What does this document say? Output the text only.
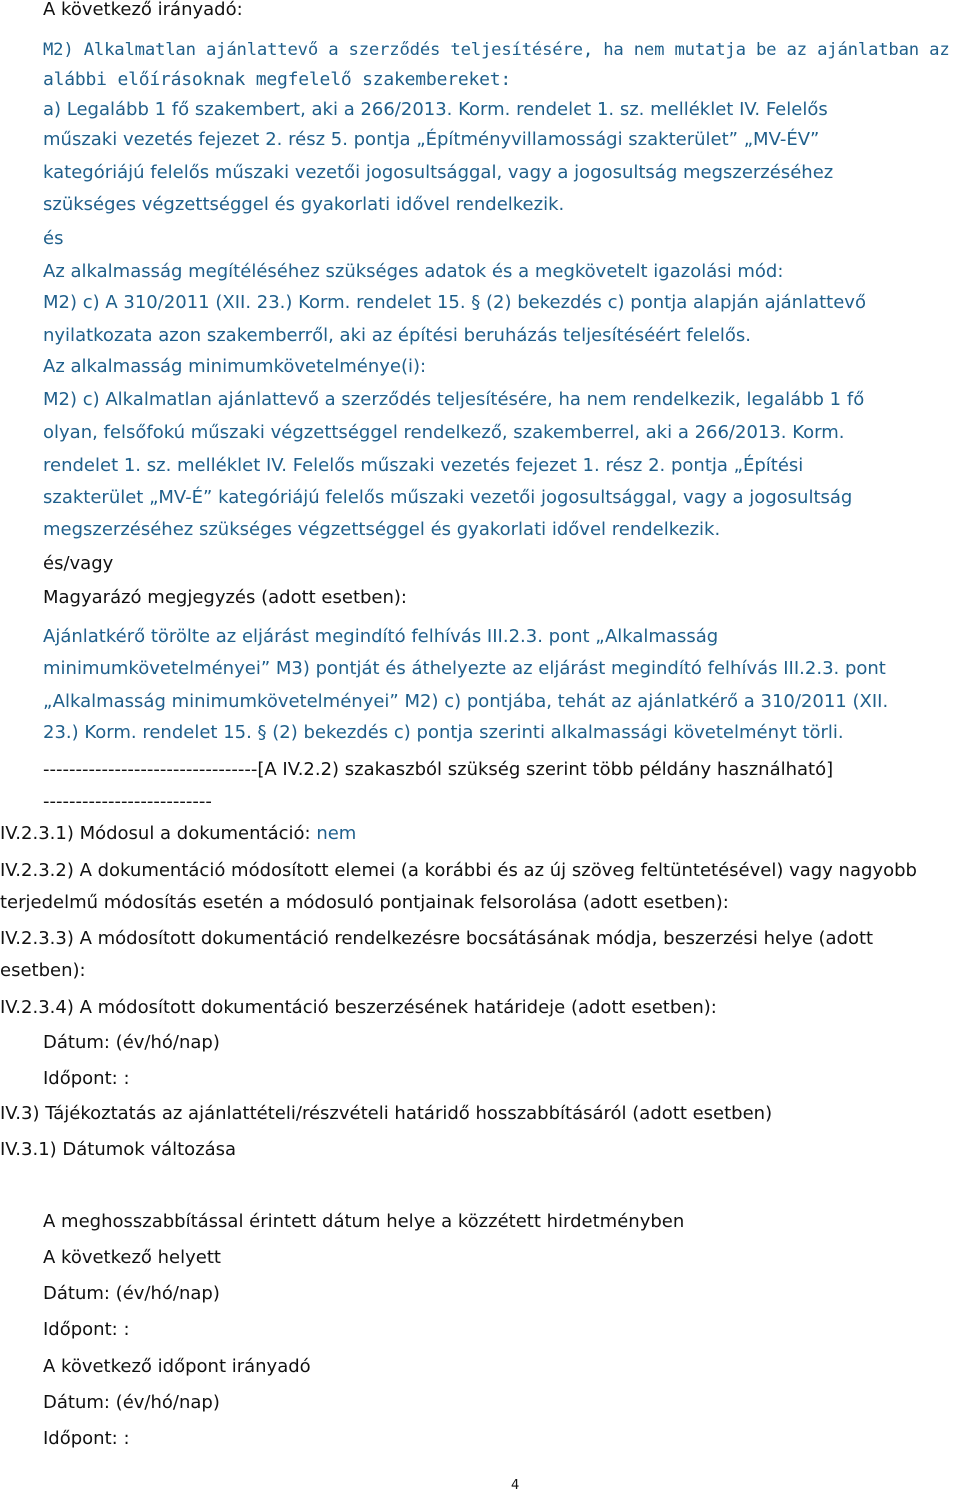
A következő irányadó:
M2) Alkalmatlan ajánlattevő a szerződés teljesítésére, ha nem mutatja be az ajánlatban az
alábbi előírásoknak megfelelő szakembereket:
a) Legalább 1 fő szakembert, aki a 266/2013. Korm. rendelet 1. sz. melléklet IV. Felelős
műszaki vezetés fejezet 2. rész 5. pontja „Építményvillamossági szakterület” „MV-ÉV”
kategóriájú felelős műszaki vezetői jogosultsággal, vagy a jogosultság megszerzéséhez
szükséges végzettséggel és gyakorlati idővel rendelkezik.
és
Az alkalmasság megítéléséhez szükséges adatok és a megkövetelt igazolási mód:
M2) c) A 310/2011 (XII. 23.) Korm. rendelet 15. § (2) bekezdés c) pontja alapján ajánlattevő
nyilatkozata azon szakemberről, aki az építési beruházás teljesítéséért felelős.
Az alkalmasság minimumkövetelménye(i):
M2) c) Alkalmatlan ajánlattevő a szerződés teljesítésére, ha nem rendelkezik, legalább 1 fő
olyan, felsőfokú műszaki végzettséggel rendelkező, szakemberrel, aki a 266/2013. Korm.
rendelet 1. sz. melléklet IV. Felelős műszaki vezetés fejezet 1. rész 2. pontja „Építési
szakterület „MV-É” kategóriájú felelős műszaki vezetői jogosultsággal, vagy a jogosultság
megszerzéséhez szükséges végzettséggel és gyakorlati idővel rendelkezik.
és/vagy
Magyarázó megjegyzés (adott esetben):
Ajánlatkérő törölte az eljárást megindító felhívás III.2.3. pont „Alkalmasság
minimumkövetelményei” M3) pontját és áthelyezte az eljárást megindító felhívás III.2.3. pont
„Alkalmasság minimumkövetelményei” M2) c) pontjába, tehát az ajánlatkérő a 310/2011 (XII.
23.) Korm. rendelet 15. § (2) bekezdés c) pontja szerinti alkalmassági követelményt törli.
---------------------------------[A IV.2.2) szakaszból szükség szerint több példány használható]
--------------------------
IV.2.3.1) Módosul a dokumentáció: nem
IV.2.3.2) A dokumentáció módosított elemei (a korábbi és az új szöveg feltüntetésével) vagy nagyobb
terjedelmű módosítás esetén a módosuló pontjainak felsorolása (adott esetben):
IV.2.3.3) A módosított dokumentáció rendelkezésre bocsátásának módja, beszerzési helye (adott
esetben):
IV.2.3.4) A módosított dokumentáció beszerzésének határideje (adott esetben):
Dátum: (év/hó/nap)
Időpont: :
IV.3) Tájékoztatás az ajánlattételi/részvételi határidő hosszabbításáról (adott esetben)
IV.3.1) Dátumok változása
A meghosszabbítással érintett dátum helye a közzétett hirdetményben
A következő helyett
Dátum: (év/hó/nap)
Időpont: :
A következő időpont irányadó
Dátum: (év/hó/nap)
Időpont: :
4
